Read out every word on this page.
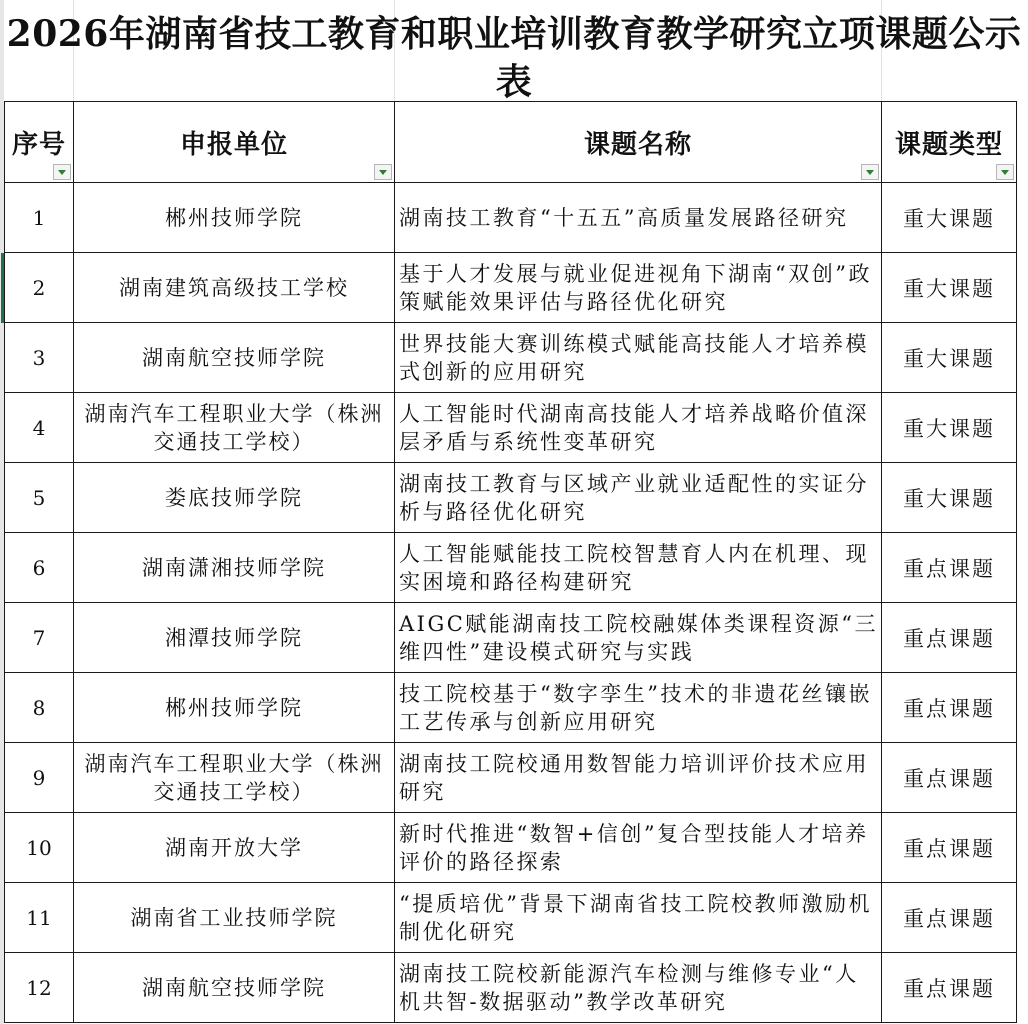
2026年湖南省技工教育和职业培训教育教学研究立项课题公示表
序号	申报单位	课题名称	课题类型

1	郴州技师学院	湖南技工教育“十五五”高质量发展路径研究	重大课题
2	湖南建筑高级技工学校	基于人才发展与就业促进视角下湖南“双创”政策赋能效果评估与路径优化研究	重大课题
3	湖南航空技师学院	世界技能大赛训练模式赋能高技能人才培养模式创新的应用研究	重大课题
4	湖南汽车工程职业大学（株洲交通技工学校）	人工智能时代湖南高技能人才培养战略价值深层矛盾与系统性变革研究	重大课题
5	娄底技师学院	湖南技工教育与区域产业就业适配性的实证分析与路径优化研究	重大课题
6	湖南潇湘技师学院	人工智能赋能技工院校智慧育人内在机理、现实困境和路径构建研究	重点课题
7	湘潭技师学院	AIGC赋能湖南技工院校融媒体类课程资源“三维四性”建设模式研究与实践	重点课题
8	郴州技师学院	技工院校基于“数字孪生”技术的非遗花丝镶嵌工艺传承与创新应用研究	重点课题
9	湖南汽车工程职业大学（株洲交通技工学校）	湖南技工院校通用数智能力培训评价技术应用研究	重点课题
10	湖南开放大学	新时代推进“数智+信创”复合型技能人才培养评价的路径探索	重点课题
11	湖南省工业技师学院	“提质培优”背景下湖南省技工院校教师激励机制优化研究	重点课题
12	湖南航空技师学院	湖南技工院校新能源汽车检测与维修专业“人机共智-数据驱动”教学改革研究	重点课题
